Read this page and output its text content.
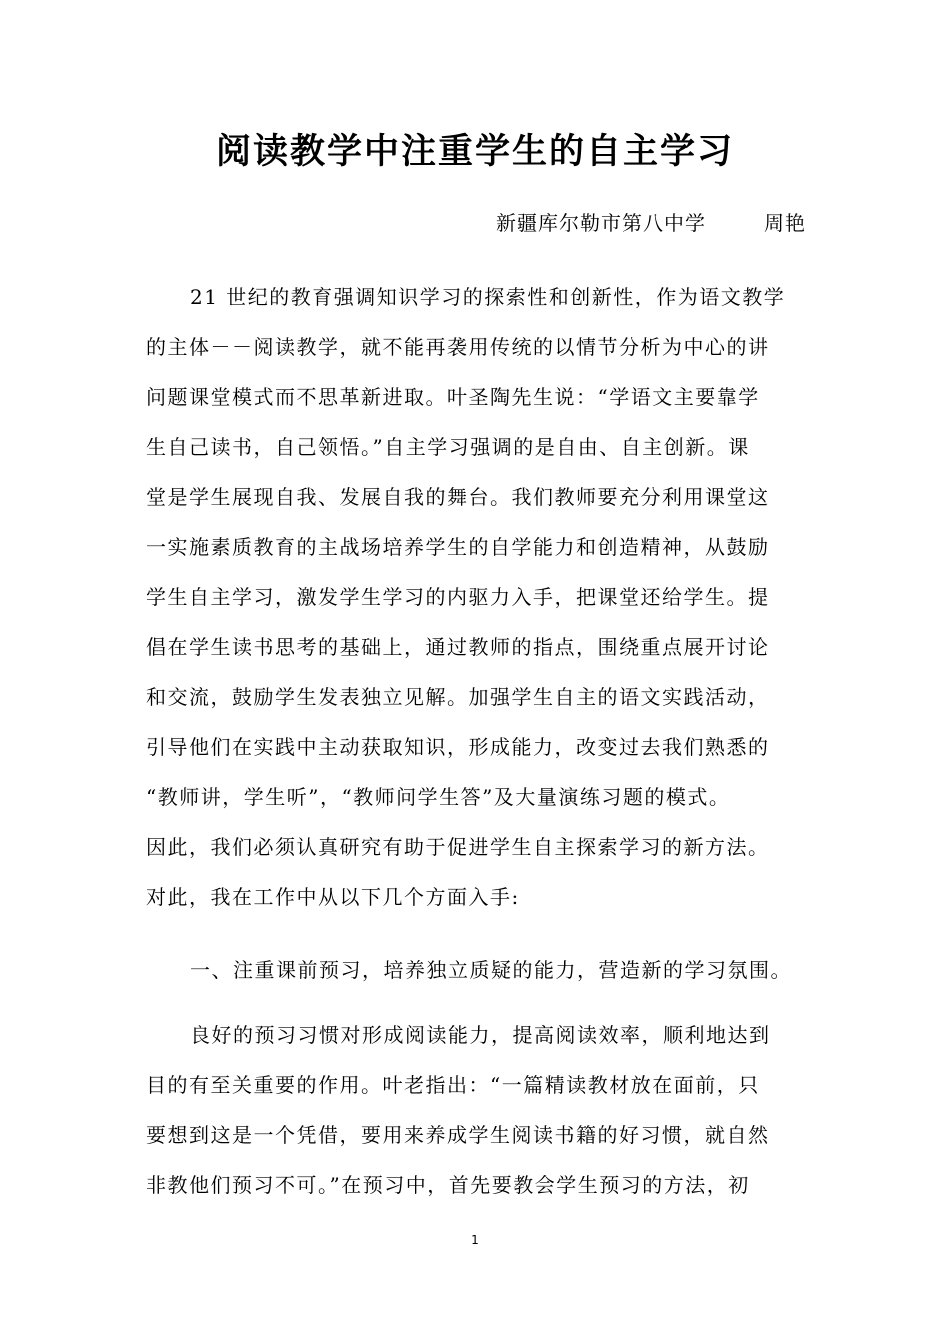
阅读教学中注重学生的自主学习
新疆库尔勒市第八中学	周艳
21 世纪的教育强调知识学习的探索性和创新性，作为语文教学
的主体－－阅读教学，就不能再袭用传统的以情节分析为中心的讲
问题课堂模式而不思革新进取。叶圣陶先生说：“学语文主要靠学
生自己读书，自己领悟。”自主学习强调的是自由、自主创新。课
堂是学生展现自我、发展自我的舞台。我们教师要充分利用课堂这
一实施素质教育的主战场培养学生的自学能力和创造精神，从鼓励
学生自主学习，激发学生学习的内驱力入手，把课堂还给学生。提
倡在学生读书思考的基础上，通过教师的指点，围绕重点展开讨论
和交流，鼓励学生发表独立见解。加强学生自主的语文实践活动，
引导他们在实践中主动获取知识，形成能力，改变过去我们熟悉的
“教师讲，学生听”，“教师问学生答”及大量演练习题的模式。
因此，我们必须认真研究有助于促进学生自主探索学习的新方法。
对此，我在工作中从以下几个方面入手:
一、注重课前预习，培养独立质疑的能力，营造新的学习氛围。
良好的预习习惯对形成阅读能力，提高阅读效率，顺利地达到
目的有至关重要的作用。叶老指出：“一篇精读教材放在面前，只
要想到这是一个凭借，要用来养成学生阅读书籍的好习惯，就自然
非教他们预习不可。”在预习中，首先要教会学生预习的方法，初
1
